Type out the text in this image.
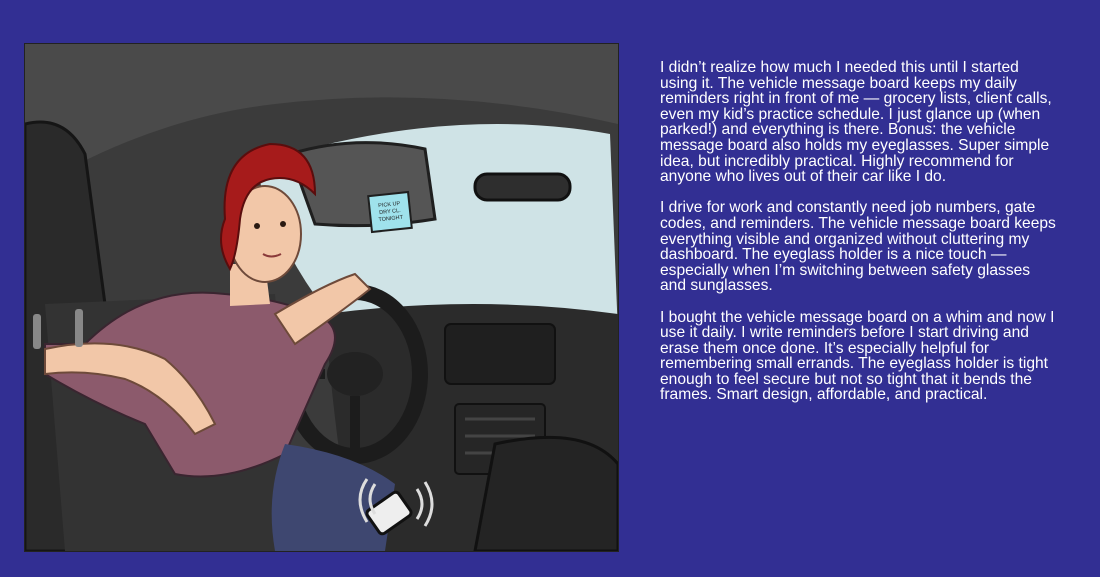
PICK UP
DRY CL.
TONIGHT

I didn’t realize how much I needed this until I started using it. The vehicle message board keeps my daily reminders right in front of me — grocery lists, client calls, even my kid’s practice schedule. I just glance up (when parked!) and everything is there. Bonus: the vehicle message board also holds my eyeglasses. Super simple idea, but incredibly practical. Highly recommend for anyone who lives out of their car like I do.

I drive for work and constantly need job numbers, gate codes, and reminders. The vehicle message board keeps everything visible and organized without cluttering my dashboard. The eyeglass holder is a nice touch — especially when I’m switching between safety glasses and sunglasses.

I bought the vehicle message board on a whim and now I use it daily. I write reminders before I start driving and erase them once done. It’s especially helpful for remembering small errands. The eyeglass holder is tight enough to feel secure but not so tight that it bends the frames. Smart design, affordable, and practical.
